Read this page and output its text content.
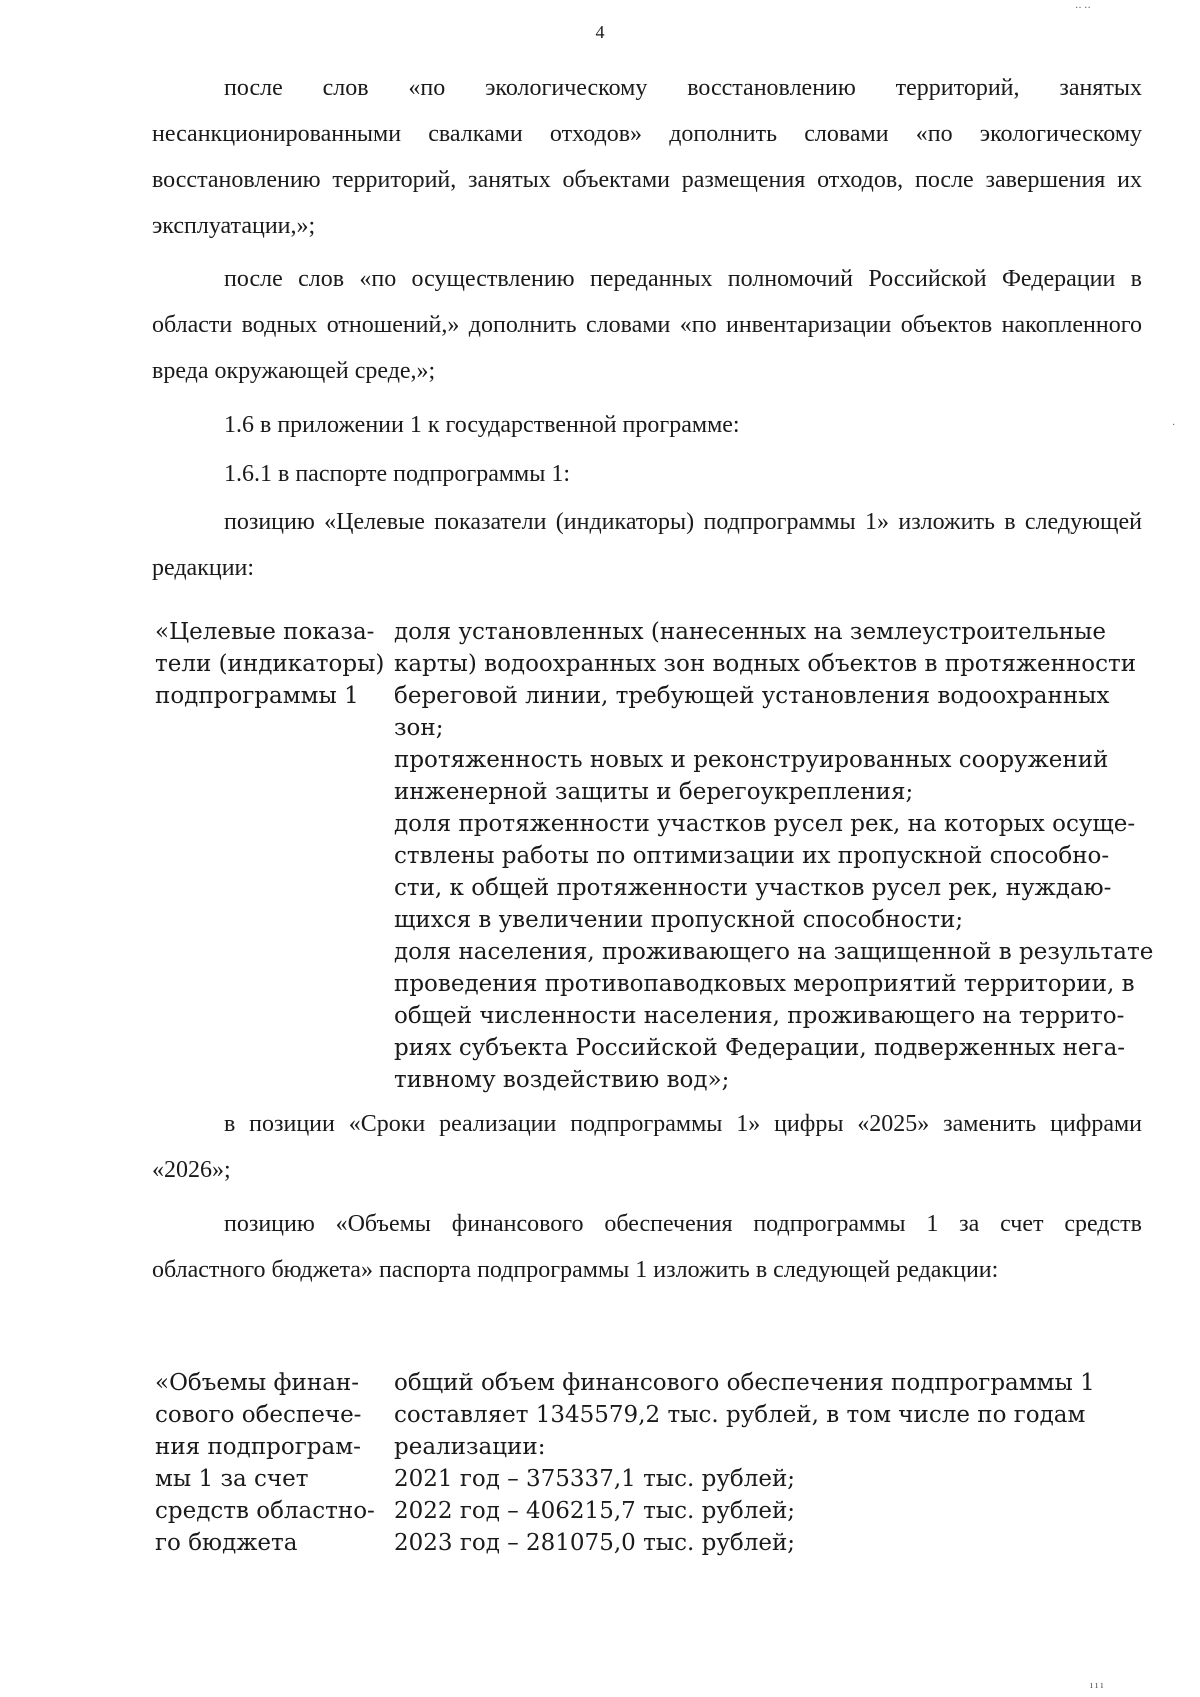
4

после слов «по экологическому восстановлению территорий, занятых несанкционированными свалками отходов» дополнить словами «по экологическому восстановлению территорий, занятых объектами размещения отходов, после завершения их эксплуатации,»;

после слов «по осуществлению переданных полномочий Российской Федерации в области водных отношений,» дополнить словами «по инвентаризации объектов накопленного вреда окружающей среде,»;

1.6 в приложении 1 к государственной программе:

1.6.1 в паспорте подпрограммы 1:

позицию «Целевые показатели (индикаторы) подпрограммы 1» изложить в следующей редакции:

«Целевые показа-
тели (индикаторы)
подпрограммы 1
доля установленных (нанесенных на землеустроительные
карты) водоохранных зон водных объектов в протяженности
береговой линии, требующей установления водоохранных
зон;
протяженность новых и реконструированных сооружений
инженерной защиты и берегоукрепления;
доля протяженности участков русел рек, на которых осуще-
ствлены работы по оптимизации их пропускной способно-
сти, к общей протяженности участков русел рек, нуждаю-
щихся в увеличении пропускной способности;
доля населения, проживающего на защищенной в результате
проведения противопаводковых мероприятий территории, в
общей численности населения, проживающего на террито-
риях субъекта Российской Федерации, подверженных нега-
тивному воздействию вод»;

в позиции «Сроки реализации подпрограммы 1» цифры «2025» заменить цифрами «2026»;

позицию «Объемы финансового обеспечения подпрограммы 1 за счет средств областного бюджета» паспорта подпрограммы 1 изложить в следующей редакции:

«Объемы финан-
сового обеспече-
ния подпрограм-
мы 1 за счет
средств областно-
го бюджета
общий объем финансового обеспечения подпрограммы 1
составляет 1345579,2 тыс. рублей, в том числе по годам
реализации:
2021 год – 375337,1 тыс. рублей;
2022 год – 406215,7 тыс. рублей;
2023 год – 281075,0 тыс. рублей;
‥ ‥
·
ı ı ı
